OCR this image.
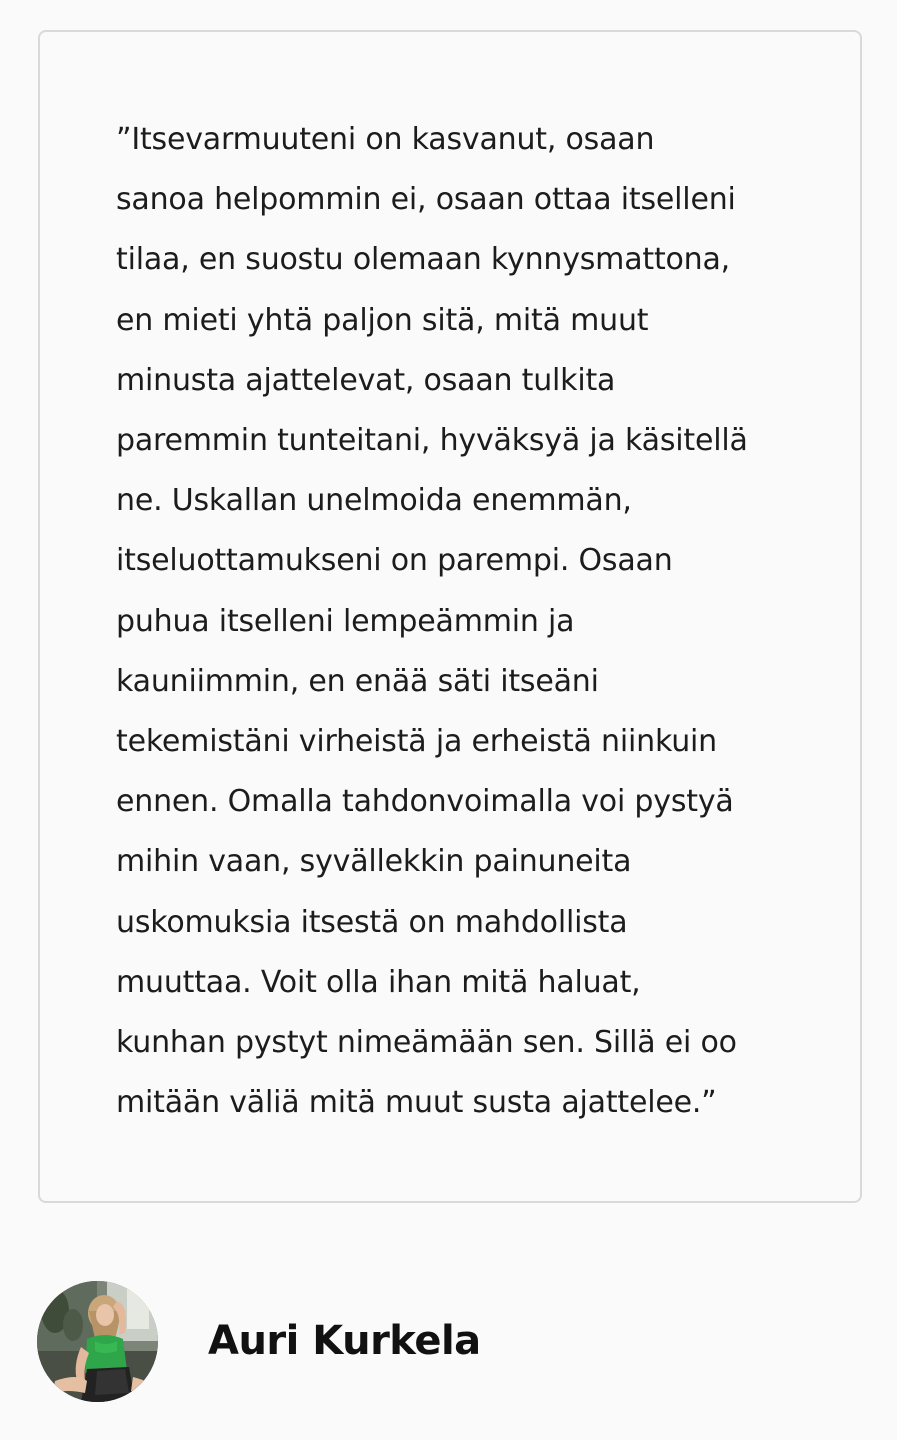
”Itsevarmuuteni on kasvanut, osaan
sanoa helpommin ei, osaan ottaa itselleni
tilaa, en suostu olemaan kynnysmattona,
en mieti yhtä paljon sitä, mitä muut
minusta ajattelevat, osaan tulkita
paremmin tunteitani, hyväksyä ja käsitellä
ne. Uskallan unelmoida enemmän,
itseluottamukseni on parempi. Osaan
puhua itselleni lempeämmin ja
kauniimmin, en enää säti itseäni
tekemistäni virheistä ja erheistä niinkuin
ennen. Omalla tahdonvoimalla voi pystyä
mihin vaan, syvällekkin painuneita
uskomuksia itsestä on mahdollista
muuttaa. Voit olla ihan mitä haluat,
kunhan pystyt nimeämään sen. Sillä ei oo
mitään väliä mitä muut susta ajattelee.”

Auri Kurkela
